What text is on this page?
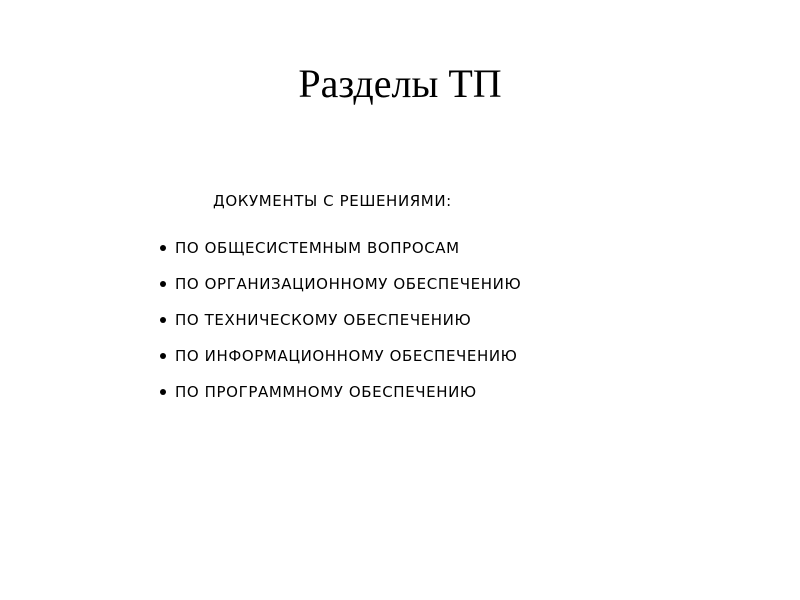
Разделы ТП
ДОКУМЕНТЫ С РЕШЕНИЯМИ:
ПО ОБЩЕСИСТЕМНЫМ ВОПРОСАМ
ПО ОРГАНИЗАЦИОННОМУ ОБЕСПЕЧЕНИЮ
ПО ТЕХНИЧЕСКОМУ ОБЕСПЕЧЕНИЮ
ПО ИНФОРМАЦИОННОМУ ОБЕСПЕЧЕНИЮ
ПО ПРОГРАММНОМУ ОБЕСПЕЧЕНИЮ
